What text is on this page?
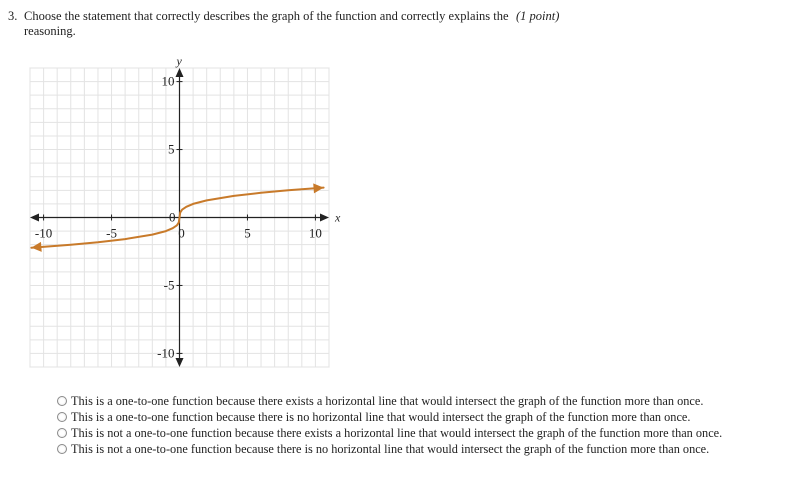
3. Choose the statement that correctly describes the graph of the function and correctly explains the reasoning.
(1 point)
x
y
-10	-5	0	5	10
-10
-5
0
5
10
This is a one-to-one function because there exists a horizontal line that would intersect the graph of the function more than once.
This is a one-to-one function because there is no horizontal line that would intersect the graph of the function more than once.
This is not a one-to-one function because there exists a horizontal line that would intersect the graph of the function more than once.
This is not a one-to-one function because there is no horizontal line that would intersect the graph of the function more than once.
